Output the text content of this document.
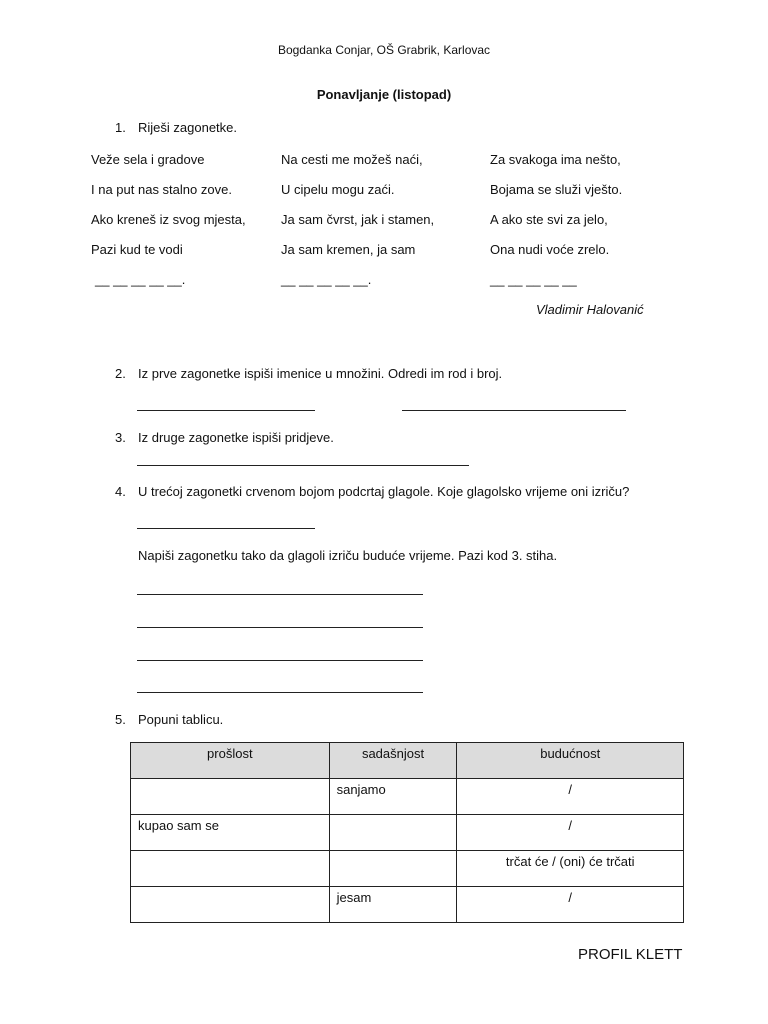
Bogdanka Conjar, OŠ Grabrik, Karlovac
Ponavljanje (listopad)
1. Riješi zagonetke.
Veže sela i gradove
I na put nas stalno zove.
Ako kreneš iz svog mjesta,
Pazi kud te vodi
__ __ __ __ __.
Na cesti me možeš naći,
U cipelu mogu zaći.
Ja sam čvrst, jak i stamen,
Ja sam kremen, ja sam
__ __ __ __ __.
Za svakoga ima nešto,
Bojama se služi vješto.
A ako ste svi za jelo,
Ona nudi voće zrelo.
__ __ __ __ __
Vladimir Halovanić
2. Iz prve zagonetke ispiši imenice u množini. Odredi im rod i broj.
3. Iz druge zagonetke ispiši pridjeve.
4. U trećoj zagonetki crvenom bojom podcrtaj glagole. Koje glagolsko vrijeme oni izriču?
Napiši zagonetku tako da glagoli izriču buduće vrijeme. Pazi kod 3. stiha.
5. Popuni tablicu.
prošlost	sadašnjost	budućnost
	sanjamo	/
kupao sam se		/
		trčat će / (oni) će trčati
	jesam	/
PROFIL KLETT
